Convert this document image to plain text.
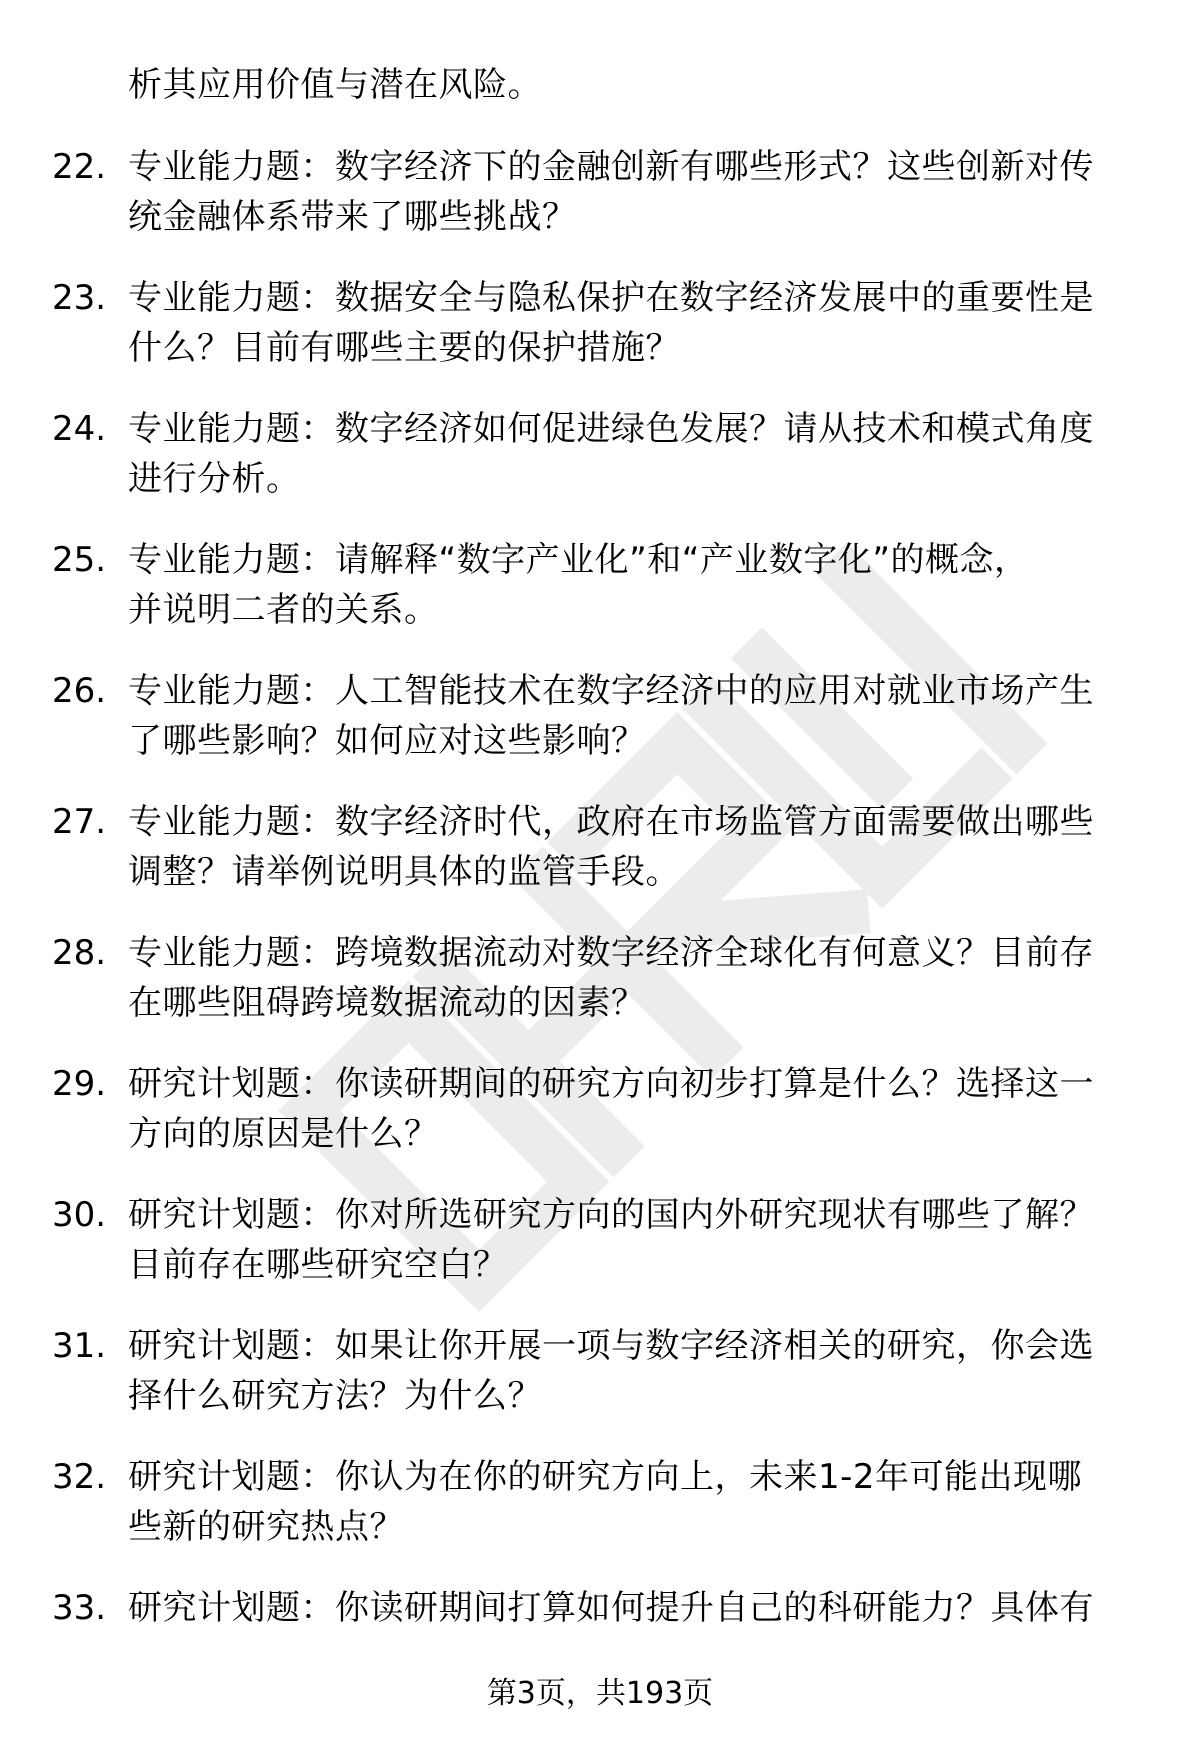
析其应用价值与潜在风险。
22. 专业能力题：数字经济下的金融创新有哪些形式？这些创新对传
统金融体系带来了哪些挑战？
23. 专业能力题：数据安全与隐私保护在数字经济发展中的重要性是
什么？目前有哪些主要的保护措施？
24. 专业能力题：数字经济如何促进绿色发展？请从技术和模式角度
进行分析。
25. 专业能力题：请解释“数字产业化”和“产业数字化”的概念，
并说明二者的关系。
26. 专业能力题：人工智能技术在数字经济中的应用对就业市场产生
了哪些影响？如何应对这些影响？
27. 专业能力题：数字经济时代，政府在市场监管方面需要做出哪些
调整？请举例说明具体的监管手段。
28. 专业能力题：跨境数据流动对数字经济全球化有何意义？目前存
在哪些阻碍跨境数据流动的因素？
29. 研究计划题：你读研期间的研究方向初步打算是什么？选择这一
方向的原因是什么？
30. 研究计划题：你对所选研究方向的国内外研究现状有哪些了解？
目前存在哪些研究空白？
31. 研究计划题：如果让你开展一项与数字经济相关的研究，你会选
择什么研究方法？为什么？
32. 研究计划题：你认为在你的研究方向上，未来1-2年可能出现哪
些新的研究热点？
33. 研究计划题：你读研期间打算如何提升自己的科研能力？具体有
第3页，共193页
